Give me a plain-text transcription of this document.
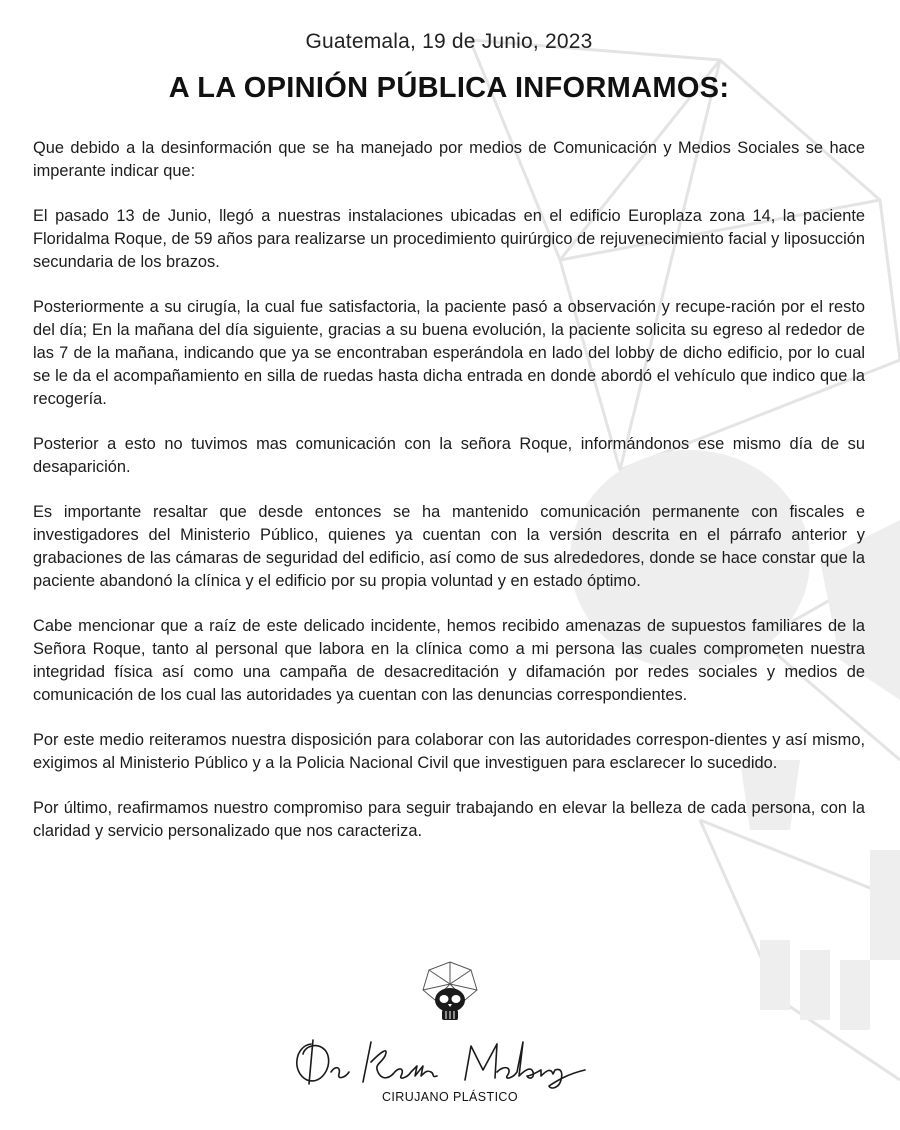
Guatemala, 19 de Junio, 2023
A LA OPINIÓN PÚBLICA INFORMAMOS:

Que debido a la desinformación que se ha manejado por medios de Comunicación y Medios Sociales se hace imperante indicar que:

El pasado 13 de Junio, llegó a nuestras instalaciones ubicadas en el edificio Europlaza zona 14, la paciente Floridalma Roque, de 59 años para realizarse un procedimiento quirúrgico de rejuvenecimiento facial y liposucción secundaria de los brazos.

Posteriormente a su cirugía, la cual fue satisfactoria, la paciente pasó a observación y recupe-ración por el resto del día; En la mañana del día siguiente, gracias a su buena evolución, la paciente solicita su egreso al rededor de las 7 de la mañana, indicando que ya se encontraban esperándola en lado del lobby de dicho edificio, por lo cual se le da el acompañamiento en silla de ruedas hasta dicha entrada en donde abordó el vehículo que indico que la recogería.

Posterior a esto no tuvimos mas comunicación con la señora Roque, informándonos ese mismo día de su desaparición.

Es importante resaltar que desde entonces se ha mantenido comunicación permanente con fiscales e investigadores del Ministerio Público, quienes ya cuentan con la versión descrita en el párrafo anterior y grabaciones de las cámaras de seguridad del edificio, así como de sus alrededores, donde se hace constar que la paciente abandonó la clínica y el edificio por su propia voluntad y en estado óptimo.

Cabe mencionar que a raíz de este delicado incidente, hemos recibido amenazas de supuestos familiares de la Señora Roque, tanto al personal que labora en la clínica como a mi persona las cuales comprometen nuestra integridad física así como una campaña de desacreditación y difamación por redes sociales y medios de comunicación de los cual las autoridades ya cuentan con las denuncias correspondientes.

Por este medio reiteramos nuestra disposición para colaborar con las autoridades correspon-dientes y así mismo, exigimos al Ministerio Público y a la Policia Nacional Civil que investiguen para esclarecer lo sucedido.

Por último, reafirmamos nuestro compromiso para seguir trabajando en elevar la belleza de cada persona, con la claridad y servicio personalizado que nos caracteriza.

CIRUJANO PLÁSTICO
